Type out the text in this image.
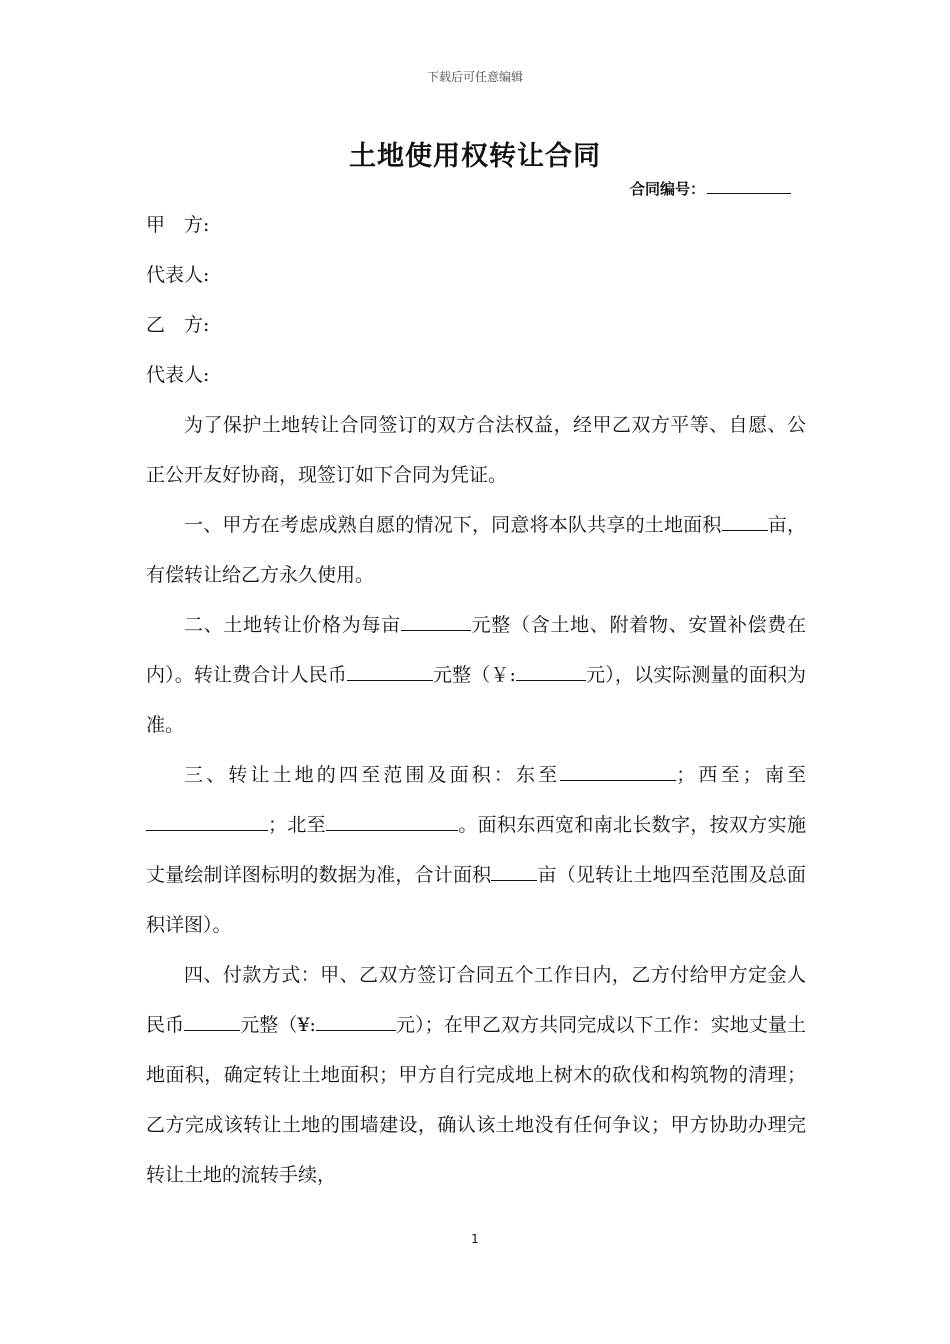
下载后可任意编辑
土地使用权转让合同
合同编号：
甲　方:
代表人:
乙　方:
代表人:
为了保护土地转让合同签订的双方合法权益，经甲乙双方平等、自愿、公正公开友好协商，现签订如下合同为凭证。
一、甲方在考虑成熟自愿的情况下，同意将本队共享的土地面积 亩，有偿转让给乙方永久使用。
二、土地转让价格为每亩	元整（含土地、附着物、安置补偿费在内）。转让费合计人民币	元整（￥:	元），以实际测量的面积为准。
三、转让土地的四至范围及面积：东至	；西至；南至；北至	。面积东西宽和南北长数字，按双方实施丈量绘制详图标明的数据为准，合计面积 亩（见转让土地四至范围及总面积详图）。
四、付款方式：甲、乙双方签订合同五个工作日内，乙方付给甲方定金人民币	元整（¥:	元）；在甲乙双方共同完成以下工作：实地丈量土地面积，确定转让土地面积；甲方自行完成地上树木的砍伐和构筑物的清理；乙方完成该转让土地的围墙建设，确认该土地没有任何争议；甲方协助办理完转让土地的流转手续，
1
